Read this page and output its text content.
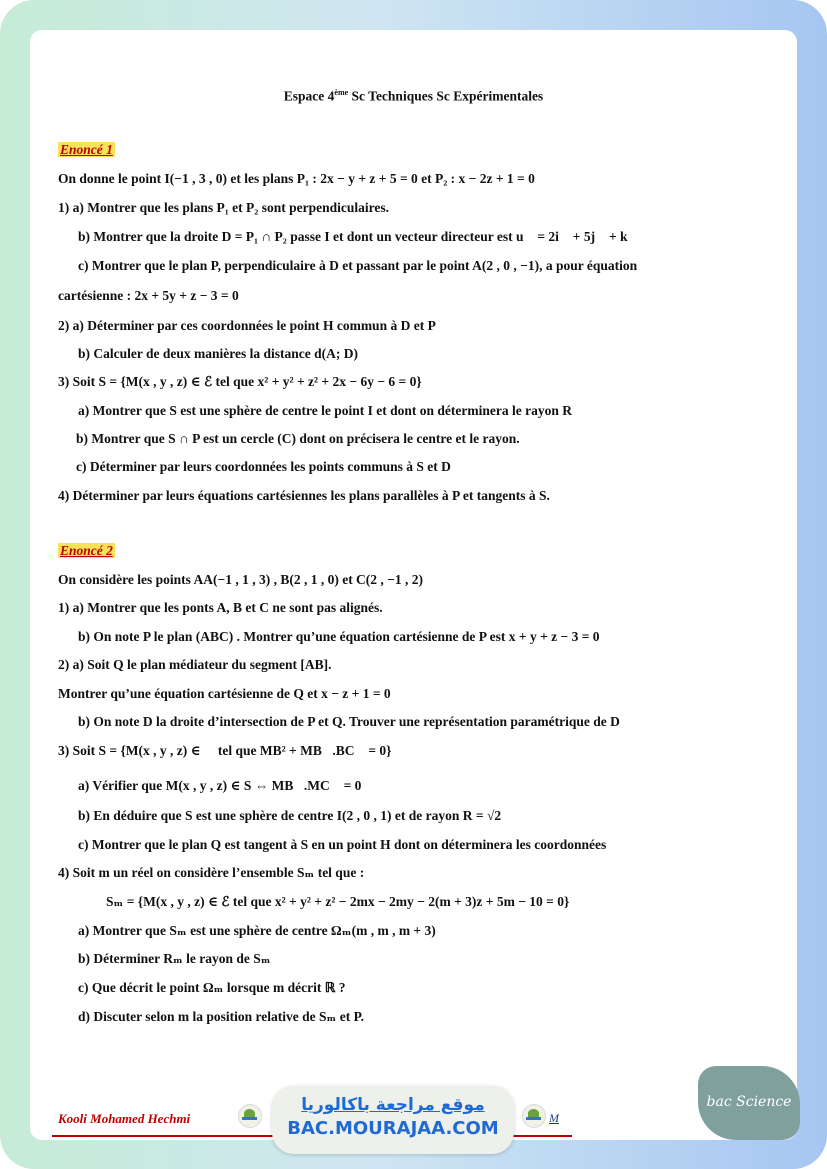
Espace 4ème Sc Techniques Sc Expérimentales
Enoncé 1
On donne le point I(−1 , 3 , 0) et les plans P₁ : 2x − y + z + 5 = 0 et P₂ : x − 2z + 1 = 0
1) a) Montrer que les plans P₁ et P₂ sont perpendiculaires.
b) Montrer que la droite D = P₁ ∩ P₂ passe I et dont un vecteur directeur est u⃗ = 2i⃗ + 5j⃗ + k⃗
c) Montrer que le plan P, perpendiculaire à D et passant par le point A(2 , 0 , −1), a pour équation
cartésienne : 2x + 5y + z − 3 = 0
2) a) Déterminer par ces coordonnées le point H commun à D et P
b) Calculer de deux manières la distance d(A; D)
3) Soit S = {M(x , y , z) ∈ ℰ tel que x² + y² + z² + 2x − 6y − 6 = 0}
a) Montrer que S est une sphère de centre le point I et dont on déterminera le rayon R
b) Montrer que S ∩ P est un cercle (C) dont on précisera le centre et le rayon.
c) Déterminer par leurs coordonnées les points communs à S et D
4) Déterminer par leurs équations cartésiennes les plans parallèles à P et tangents à S.
Enoncé 2
On considère les points AA(−1 , 1 , 3) , B(2 , 1 , 0) et C(2 , −1 , 2)
1) a) Montrer que les ponts A, B et C ne sont pas alignés.
b) On note P le plan (ABC) . Montrer qu’une équation cartésienne de P est x + y + z − 3 = 0
2) a) Soit Q le plan médiateur du segment [AB].
Montrer qu’une équation cartésienne de Q et x − z + 1 = 0
b) On note D la droite d’intersection de P et Q. Trouver une représentation paramétrique de D
3) Soit S = {M(x , y , z) ∈ ℰ tel que MB² + MB⃗.BC⃗ = 0}
a) Vérifier que M(x , y , z) ∈ S ⇔ MB⃗.MC⃗ = 0
b) En déduire que S est une sphère de centre I(2 , 0 , 1) et de rayon R = √2
c) Montrer que le plan Q est tangent à S en un point H dont on déterminera les coordonnées
4) Soit m un réel on considère l’ensemble Sₘ tel que :
Sₘ = {M(x , y , z) ∈ ℰ tel que x² + y² + z² − 2mx − 2my − 2(m + 3)z + 5m − 10 = 0}
a) Montrer que Sₘ est une sphère de centre Ωₘ(m , m , m + 3)
b) Déterminer Rₘ le rayon de Sₘ
c) Que décrit le point Ωₘ lorsque m décrit ℝ ?
d) Discuter selon m la position relative de Sₘ et P.
Kooli Mohamed Hechmi	M
موقع مراجعة باكالوريا
BAC.MOURAJAA.COM
bac Science
